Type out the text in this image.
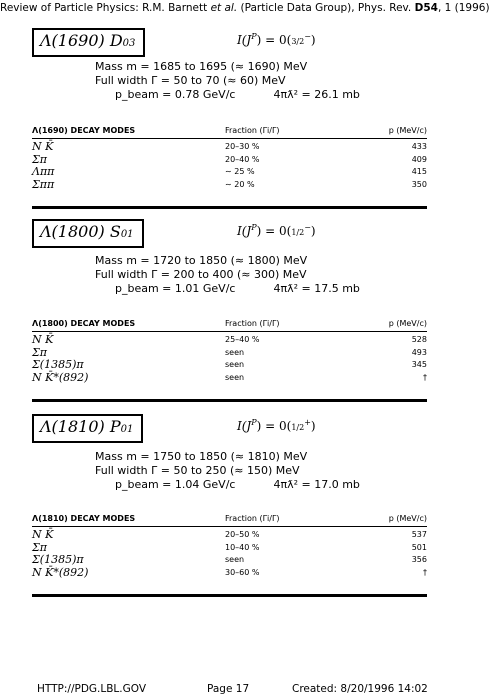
Review of Particle Physics: R.M. Barnett et al. (Particle Data Group), Phys. Rev. D54, 1 (1996)
Λ(1690) D03	$I(J^P) = 0(3/2^-)$
Mass m = 1685 to 1695 (≈ 1690) MeV
Full width Γ = 50 to 70 (≈ 60) MeV
p_beam = 0.78 GeV/c	4πƛ² = 26.1 mb
Λ(1690) DECAY MODES	Fraction (Γi/Γ)	p (MeV/c)
N K̄	20–30 %	433
Σπ	20–40 %	409
Λππ	∼ 25 %	415
Σππ	∼ 20 %	350
Λ(1800) S01	$I(J^P) = 0(1/2^-)$
Mass m = 1720 to 1850 (≈ 1800) MeV
Full width Γ = 200 to 400 (≈ 300) MeV
p_beam = 1.01 GeV/c	4πƛ² = 17.5 mb
Λ(1800) DECAY MODES	Fraction (Γi/Γ)	p (MeV/c)
N K̄	25–40 %	528
Σπ	seen	493
Σ(1385)π	seen	345
N K̄*(892)	seen	†
Λ(1810) P01	$I(J^P) = 0(1/2^+)$
Mass m = 1750 to 1850 (≈ 1810) MeV
Full width Γ = 50 to 250 (≈ 150) MeV
p_beam = 1.04 GeV/c	4πƛ² = 17.0 mb
Λ(1810) DECAY MODES	Fraction (Γi/Γ)	p (MeV/c)
N K̄	20–50 %	537
Σπ	10–40 %	501
Σ(1385)π	seen	356
N K̄*(892)	30–60 %	†
HTTP://PDG.LBL.GOV	Page 17	Created: 8/20/1996 14:02
